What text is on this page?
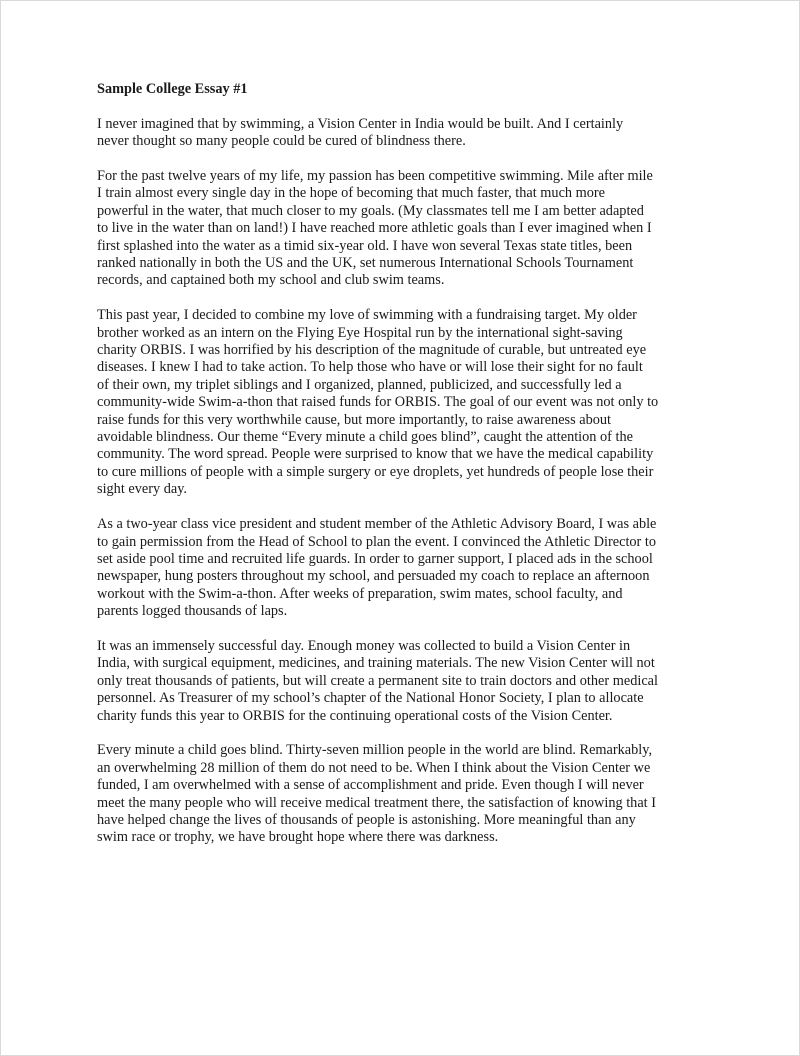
Sample College Essay #1
I never imagined that by swimming, a Vision Center in India would be built. And I certainly
never thought so many people could be cured of blindness there.
For the past twelve years of my life, my passion has been competitive swimming. Mile after mile
I train almost every single day in the hope of becoming that much faster, that much more
powerful in the water, that much closer to my goals. (My classmates tell me I am better adapted
to live in the water than on land!) I have reached more athletic goals than I ever imagined when I
first splashed into the water as a timid six-year old. I have won several Texas state titles, been
ranked nationally in both the US and the UK, set numerous International Schools Tournament
records, and captained both my school and club swim teams.
This past year, I decided to combine my love of swimming with a fundraising target. My older
brother worked as an intern on the Flying Eye Hospital run by the international sight-saving
charity ORBIS. I was horrified by his description of the magnitude of curable, but untreated eye
diseases. I knew I had to take action. To help those who have or will lose their sight for no fault
of their own, my triplet siblings and I organized, planned, publicized, and successfully led a
community-wide Swim-a-thon that raised funds for ORBIS. The goal of our event was not only to
raise funds for this very worthwhile cause, but more importantly, to raise awareness about
avoidable blindness. Our theme “Every minute a child goes blind”, caught the attention of the
community. The word spread. People were surprised to know that we have the medical capability
to cure millions of people with a simple surgery or eye droplets, yet hundreds of people lose their
sight every day.
As a two-year class vice president and student member of the Athletic Advisory Board, I was able
to gain permission from the Head of School to plan the event. I convinced the Athletic Director to
set aside pool time and recruited life guards. In order to garner support, I placed ads in the school
newspaper, hung posters throughout my school, and persuaded my coach to replace an afternoon
workout with the Swim-a-thon. After weeks of preparation, swim mates, school faculty, and
parents logged thousands of laps.
It was an immensely successful day. Enough money was collected to build a Vision Center in
India, with surgical equipment, medicines, and training materials. The new Vision Center will not
only treat thousands of patients, but will create a permanent site to train doctors and other medical
personnel. As Treasurer of my school’s chapter of the National Honor Society, I plan to allocate
charity funds this year to ORBIS for the continuing operational costs of the Vision Center.
Every minute a child goes blind. Thirty-seven million people in the world are blind. Remarkably,
an overwhelming 28 million of them do not need to be. When I think about the Vision Center we
funded, I am overwhelmed with a sense of accomplishment and pride. Even though I will never
meet the many people who will receive medical treatment there, the satisfaction of knowing that I
have helped change the lives of thousands of people is astonishing. More meaningful than any
swim race or trophy, we have brought hope where there was darkness.
